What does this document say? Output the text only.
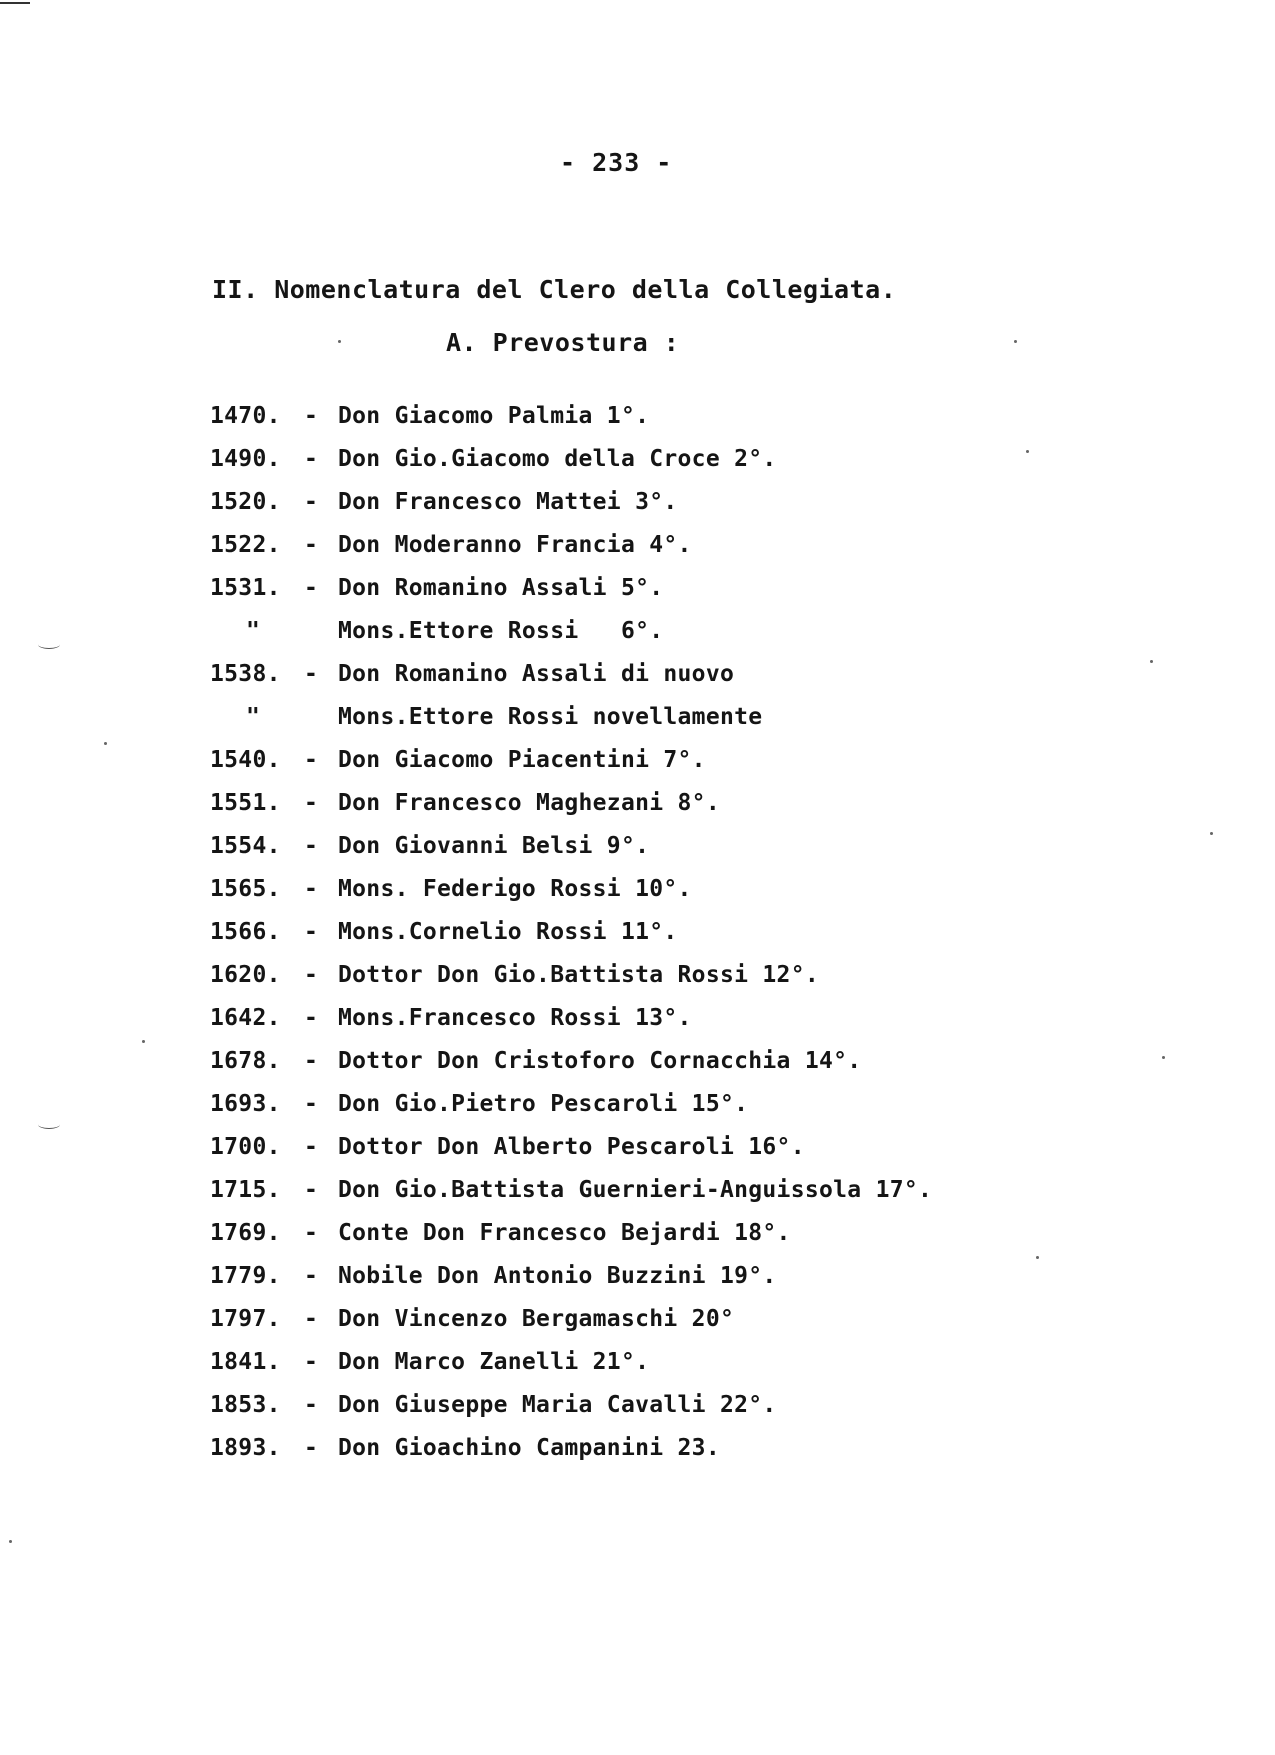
- 233 -
II. Nomenclatura del Clero della Collegiata.
A. Prevostura :
1470.	- Don Giacomo Palmia 1°.
1490.	- Don Gio.Giacomo della Croce 2°.
1520.	- Don Francesco Mattei 3°.
1522.	- Don Moderanno Francia 4°.
1531.	- Don Romanino Assali 5°.
"	Mons.Ettore Rossi   6°.
1538.	- Don Romanino Assali di nuovo
"	Mons.Ettore Rossi novellamente
1540.	- Don Giacomo Piacentini 7°.
1551.	- Don Francesco Maghezani 8°.
1554.	- Don Giovanni Belsi 9°.
1565.	- Mons. Federigo Rossi 10°.
1566.	- Mons.Cornelio Rossi 11°.
1620.	- Dottor Don Gio.Battista Rossi 12°.
1642.	- Mons.Francesco Rossi 13°.
1678.	- Dottor Don Cristoforo Cornacchia 14°.
1693.	- Don Gio.Pietro Pescaroli 15°.
1700.	- Dottor Don Alberto Pescaroli 16°.
1715.	- Don Gio.Battista Guernieri-Anguissola 17°.
1769.	- Conte Don Francesco Bejardi 18°.
1779.	- Nobile Don Antonio Buzzini 19°.
1797.	- Don Vincenzo Bergamaschi 20°
1841.	- Don Marco Zanelli 21°.
1853.	- Don Giuseppe Maria Cavalli 22°.
1893.	- Don Gioachino Campanini 23.
